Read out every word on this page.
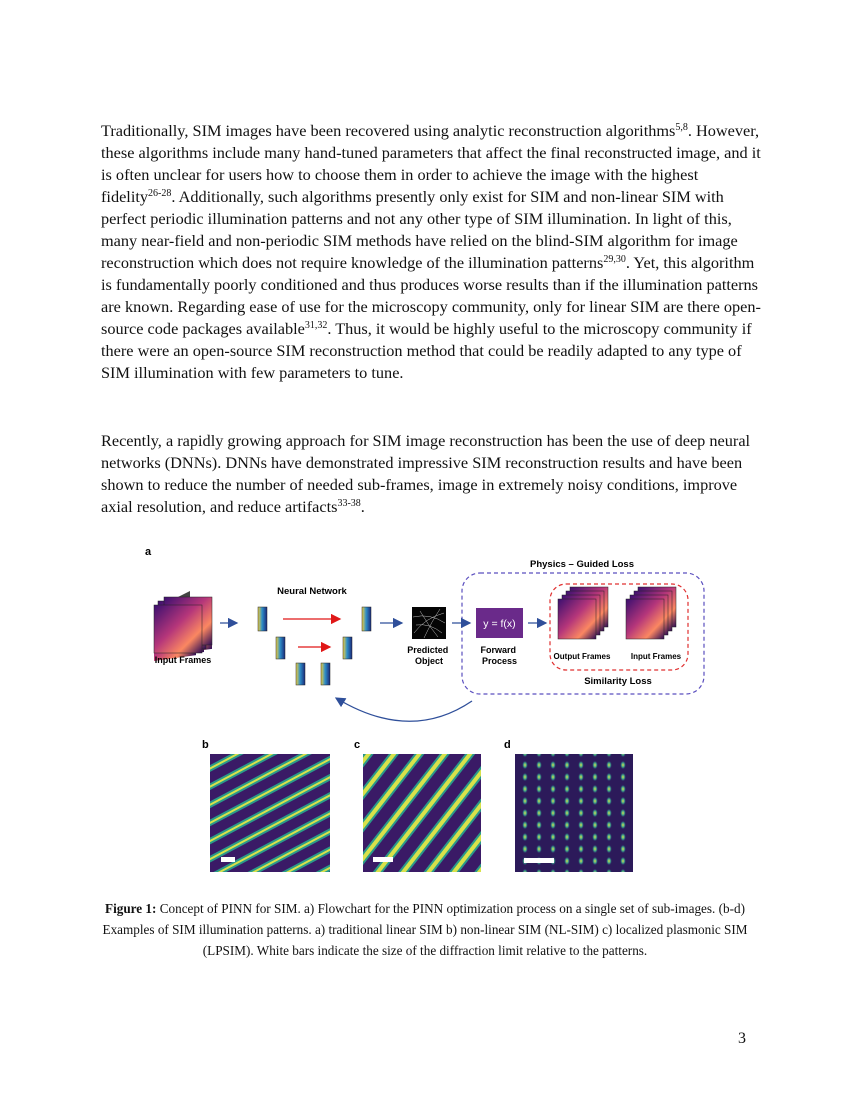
Traditionally, SIM images have been recovered using analytic reconstruction algorithms$^{5,8}$. However, these algorithms include many hand-tuned parameters that affect the final reconstructed image, and it is often unclear for users how to choose them in order to achieve the image with the highest fidelity$^{26-28}$. Additionally, such algorithms presently only exist for SIM and non-linear SIM with perfect periodic illumination patterns and not any other type of SIM illumination. In light of this, many near-field and non-periodic SIM methods have relied on the blind-SIM algorithm for image reconstruction which does not require knowledge of the illumination patterns$^{29,30}$. Yet, this algorithm is fundamentally poorly conditioned and thus produces worse results than if the illumination patterns are known. Regarding ease of use for the microscopy community, only for linear SIM are there open-source code packages available$^{31,32}$. Thus, it would be highly useful to the microscopy community if there were an open-source SIM reconstruction method that could be readily adapted to any type of SIM illumination with few parameters to tune.

Recently, a rapidly growing approach for SIM image reconstruction has been the use of deep neural networks (DNNs). DNNs have demonstrated impressive SIM reconstruction results and have been shown to reduce the number of needed sub-frames, image in extremely noisy conditions, improve axial resolution, and reduce artifacts$^{33-38}$.

a
Physics – Guided Loss
Input Frames
Neural Network
Predicted Object
y = f(x)
Forward Process	Output Frames	Input Frames
Similarity Loss
b	c	d

Figure 1: Concept of PINN for SIM. a) Flowchart for the PINN optimization process on a single set of sub-images. (b-d) Examples of SIM illumination patterns. a) traditional linear SIM b) non-linear SIM (NL-SIM) c) localized plasmonic SIM (LPSIM). White bars indicate the size of the diffraction limit relative to the patterns.

3
